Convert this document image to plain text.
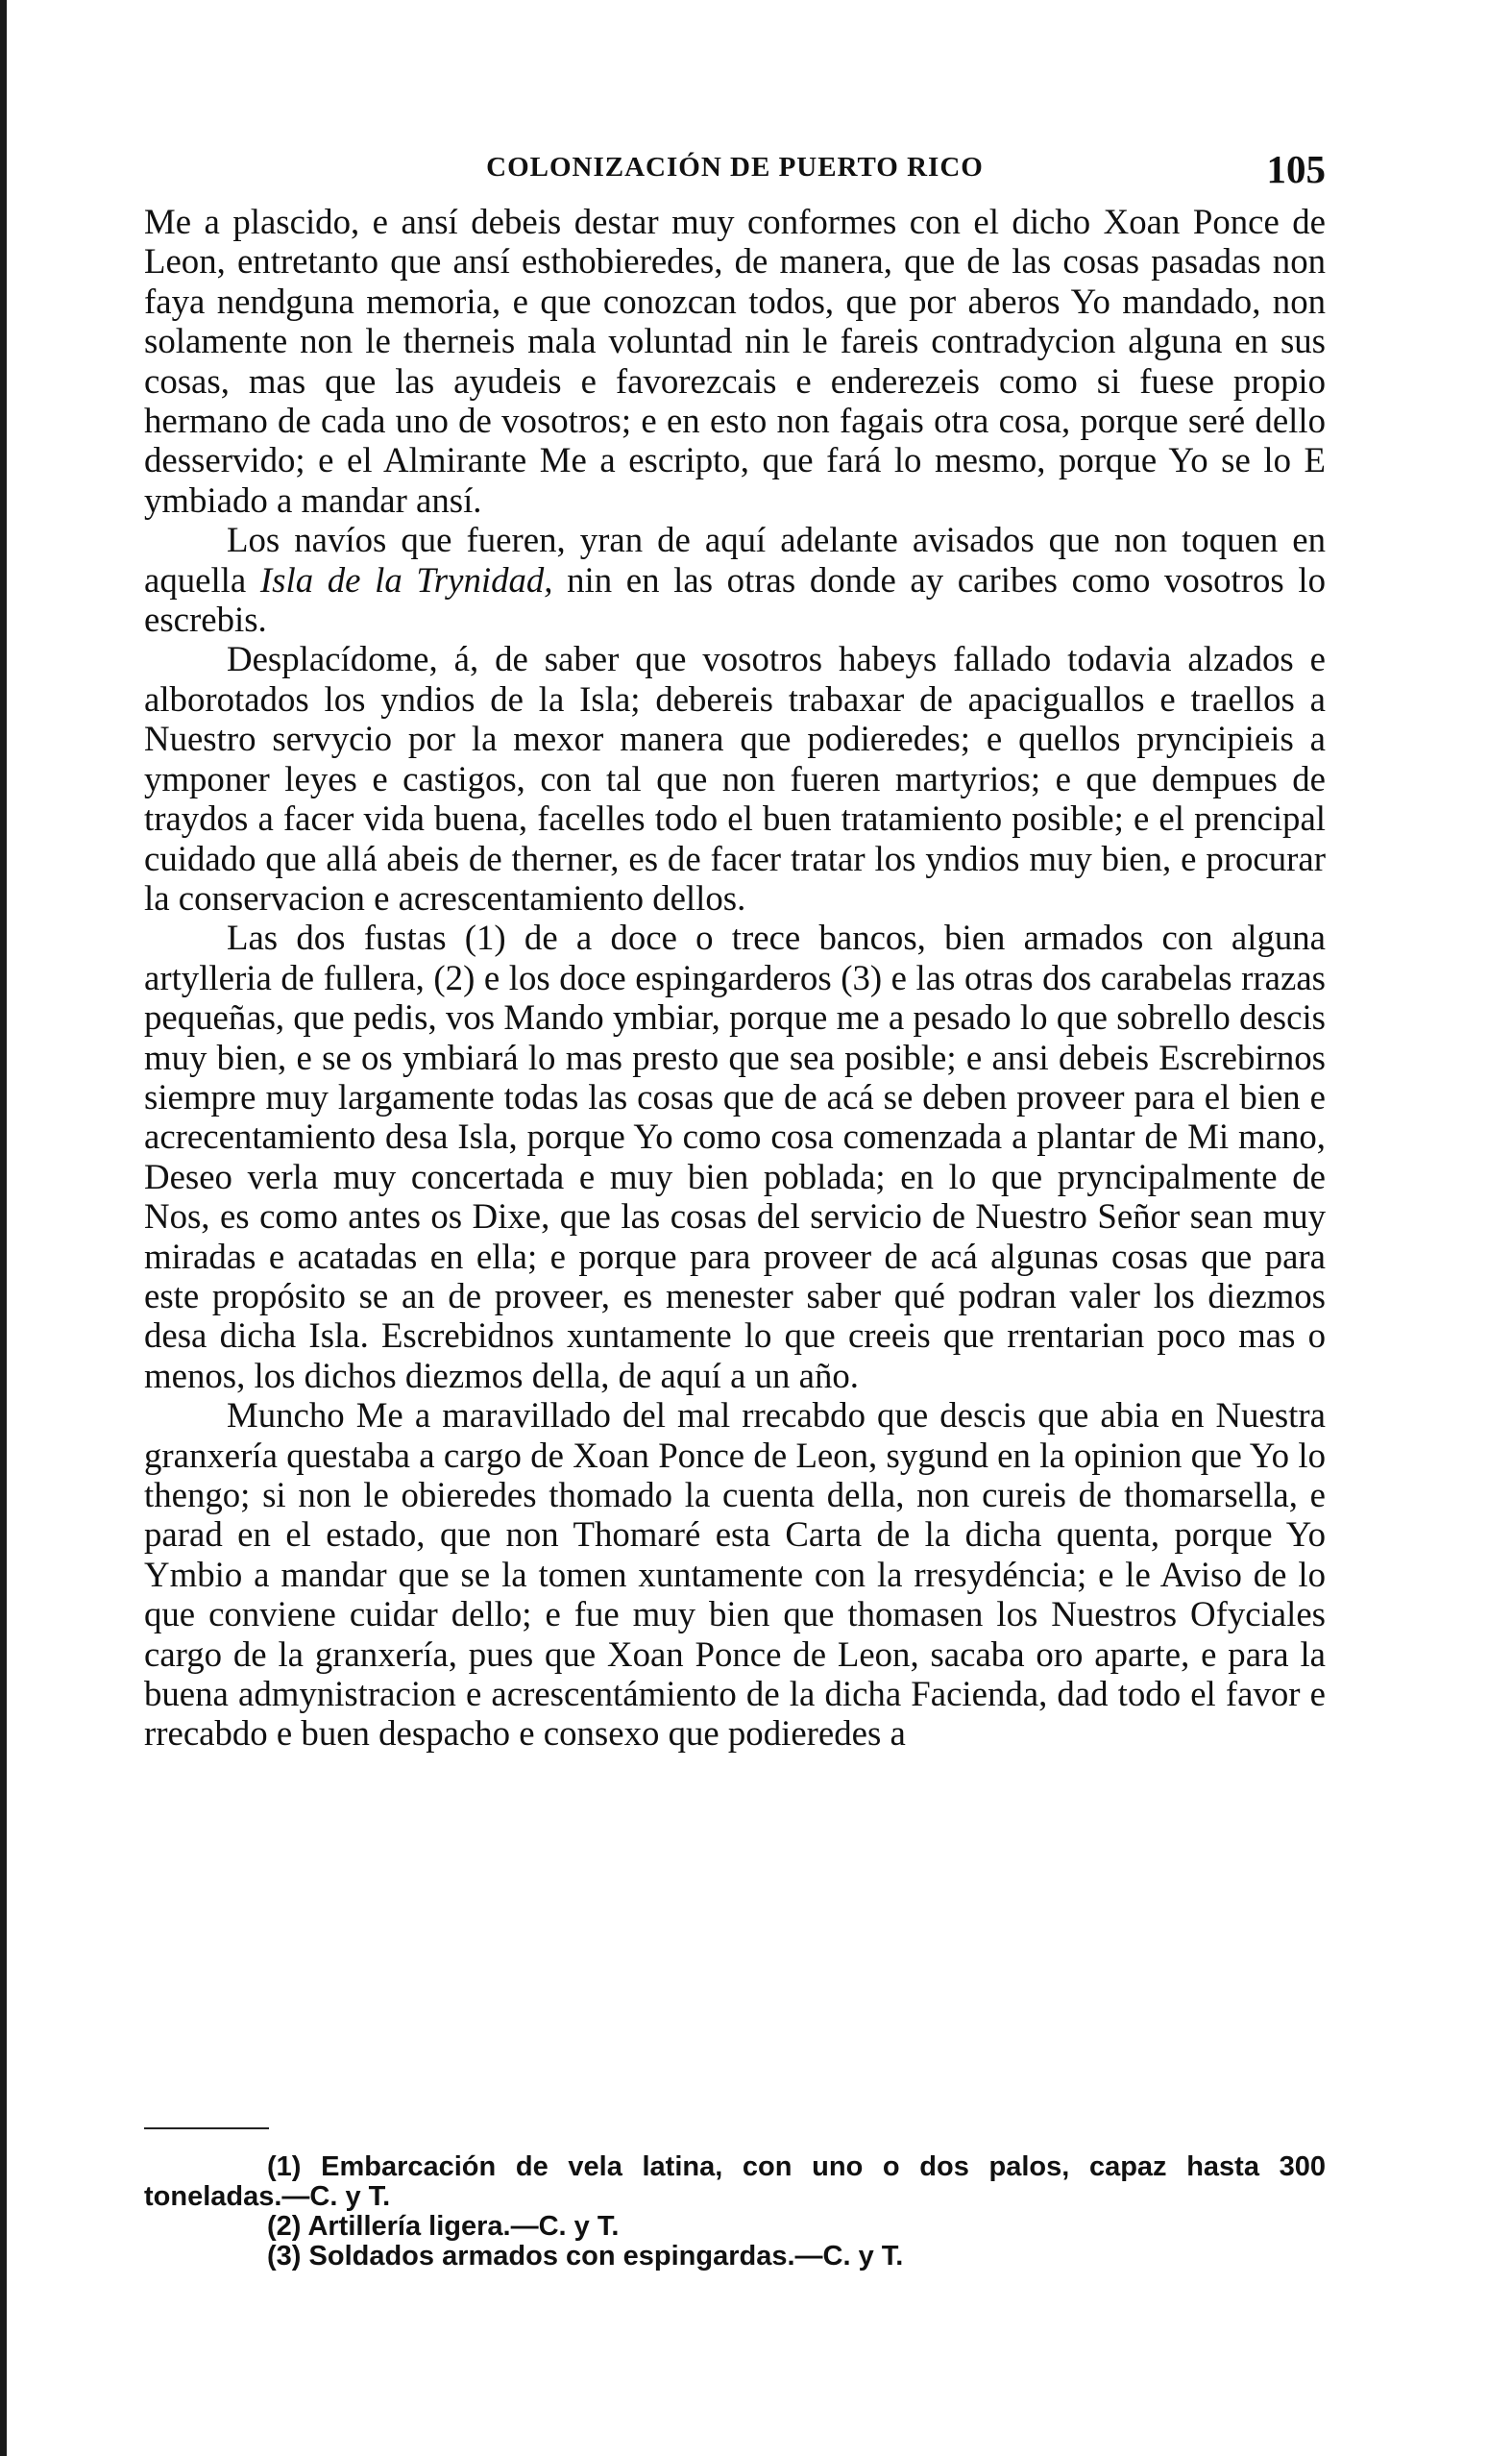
COLONIZACIÓN DE PUERTO RICO	105

Me a plascido, e ansí debeis destar muy conformes con el dicho Xoan Ponce de Leon, entretanto que ansí esthobieredes, de manera, que de las cosas pasadas non faya nendguna memoria, e que conozcan todos, que por aberos Yo mandado, non solamente non le therneis mala voluntad nin le fareis contradycion alguna en sus cosas, mas que las ayudeis e favorezcais e enderezeis como si fuese propio hermano de cada uno de vosotros; e en esto non fagais otra cosa, porque seré dello desservido; e el Almirante Me a escripto, que fará lo mesmo, porque Yo se lo E ymbiado a mandar ansí.

Los navíos que fueren, yran de aquí adelante avisados que non toquen en aquella Isla de la Trynidad, nin en las otras donde ay caribes como vosotros lo escrebis.

Desplacídome, á, de saber que vosotros habeys fallado todavia alzados e alborotados los yndios de la Isla; debereis trabaxar de apaciguallos e traellos a Nuestro servycio por la mexor manera que podieredes; e quellos pryncipieis a ymponer leyes e castigos, con tal que non fueren martyrios; e que dempues de traydos a facer vida buena, facelles todo el buen tratamiento posible; e el prencipal cuidado que allá abeis de therner, es de facer tratar los yndios muy bien, e procurar la conservacion e acrescentamiento dellos.

Las dos fustas (1) de a doce o trece bancos, bien armados con alguna artylleria de fullera, (2) e los doce espingarderos (3) e las otras dos carabelas rrazas pequeñas, que pedis, vos Mando ymbiar, porque me a pesado lo que sobrello descis muy bien, e se os ymbiará lo mas presto que sea posible; e ansi debeis Escrebirnos siempre muy largamente todas las cosas que de acá se deben proveer para el bien e acrecentamiento desa Isla, porque Yo como cosa comenzada a plantar de Mi mano, Deseo verla muy concertada e muy bien poblada; en lo que pryncipalmente de Nos, es como antes os Dixe, que las cosas del servicio de Nuestro Señor sean muy miradas e acatadas en ella; e porque para proveer de acá algunas cosas que para este propósito se an de proveer, es menester saber qué podran valer los diezmos desa dicha Isla. Escrebidnos xuntamente lo que creeis que rrentarian poco mas o menos, los dichos diezmos della, de aquí a un año.

Muncho Me a maravillado del mal rrecabdo que descis que abia en Nuestra granxería questaba a cargo de Xoan Ponce de Leon, sygund en la opinion que Yo lo thengo; si non le obieredes thomado la cuenta della, non cureis de thomarsella, e parad en el estado, que non Thomaré esta Carta de la dicha quenta, porque Yo Ymbio a mandar que se la tomen xuntamente con la rresydéncia; e le Aviso de lo que conviene cuidar dello; e fue muy bien que thomasen los Nuestros Ofyciales cargo de la granxería, pues que Xoan Ponce de Leon, sacaba oro aparte, e para la buena admynistracion e acrescentámiento de la dicha Facienda, dad todo el favor e rrecabdo e buen despacho e consexo que podieredes a

(1) Embarcación de vela latina, con uno o dos palos, capaz hasta 300 toneladas.—C. y T.

(2) Artillería ligera.—C. y T.

(3) Soldados armados con espingardas.—C. y T.
